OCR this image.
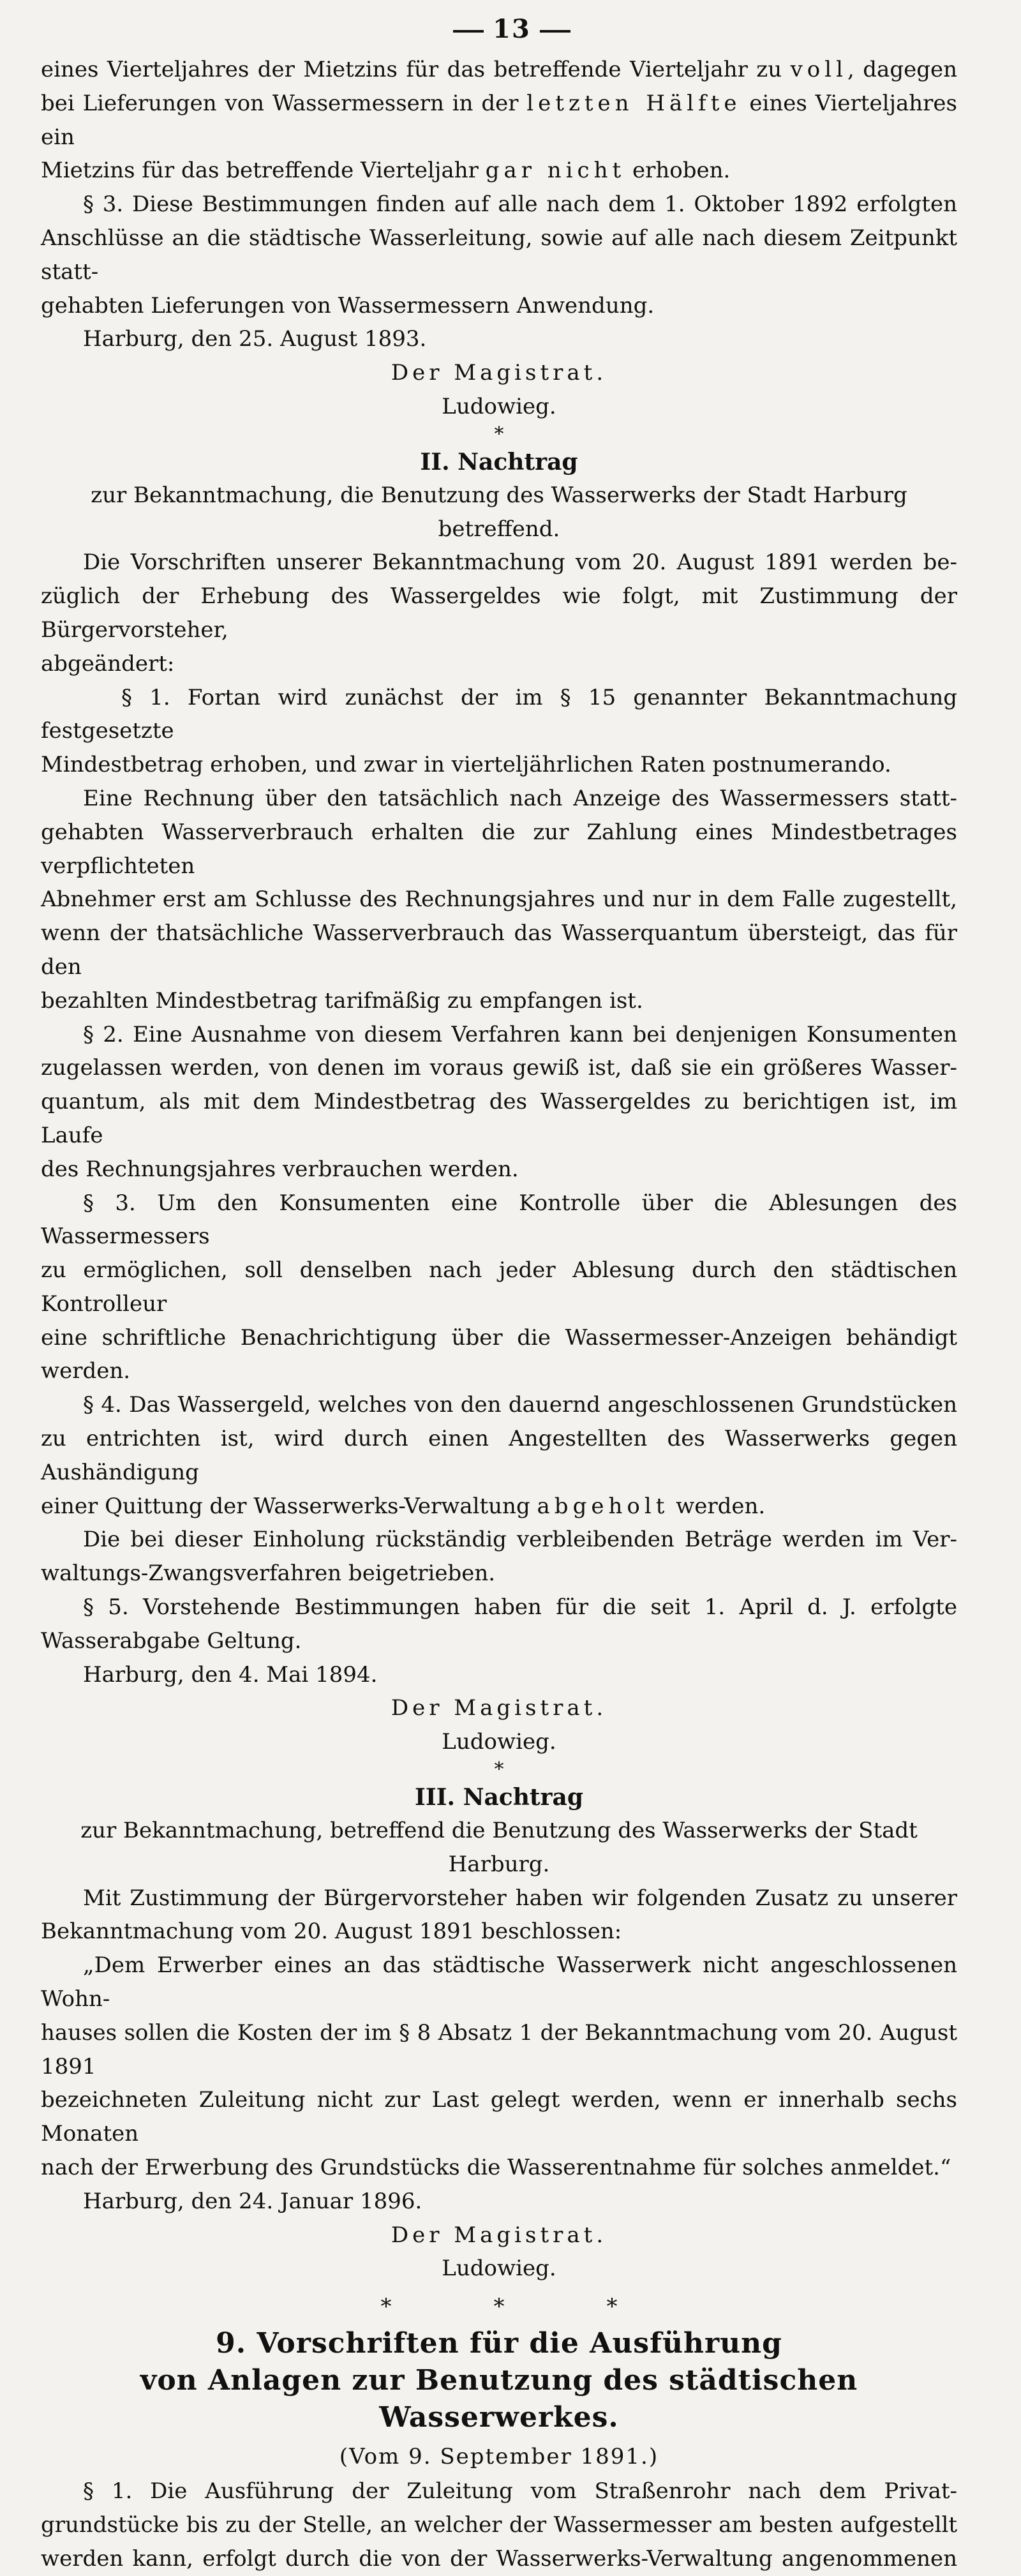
13

eines Vierteljahres der Mietzins für das betreffende Vierteljahr zu voll, dagegen

bei Lieferungen von Wassermessern in der letzten Hälfte eines Vierteljahres ein

Mietzins für das betreffende Vierteljahr gar nicht erhoben.

§ 3. Diese Bestimmungen finden auf alle nach dem 1. Oktober 1892 erfolgten

Anschlüsse an die städtische Wasserleitung, sowie auf alle nach diesem Zeitpunkt statt-

gehabten Lieferungen von Wassermessern Anwendung.

Harburg, den 25. August 1893.

Der Magistrat.
Ludowieg.
*
II. Nachtrag
zur Bekanntmachung, die Benutzung des Wasserwerks der Stadt Harburg betreffend.

Die Vorschriften unserer Bekanntmachung vom 20. August 1891 werden be-

züglich der Erhebung des Wassergeldes wie folgt, mit Zustimmung der Bürgervorsteher,

abgeändert:

§ 1. Fortan wird zunächst der im § 15 genannter Bekanntmachung festgesetzte

Mindestbetrag erhoben, und zwar in vierteljährlichen Raten postnumerando.

Eine Rechnung über den tatsächlich nach Anzeige des Wassermessers statt-

gehabten Wasserverbrauch erhalten die zur Zahlung eines Mindestbetrages verpflichteten

Abnehmer erst am Schlusse des Rechnungsjahres und nur in dem Falle zugestellt,

wenn der thatsächliche Wasserverbrauch das Wasserquantum übersteigt, das für den

bezahlten Mindestbetrag tarifmäßig zu empfangen ist.

§ 2. Eine Ausnahme von diesem Verfahren kann bei denjenigen Konsumenten

zugelassen werden, von denen im voraus gewiß ist, daß sie ein größeres Wasser-

quantum, als mit dem Mindestbetrag des Wassergeldes zu berichtigen ist, im Laufe

des Rechnungsjahres verbrauchen werden.

§ 3. Um den Konsumenten eine Kontrolle über die Ablesungen des Wassermessers

zu ermöglichen, soll denselben nach jeder Ablesung durch den städtischen Kontrolleur

eine schriftliche Benachrichtigung über die Wassermesser-Anzeigen behändigt werden.

§ 4. Das Wassergeld, welches von den dauernd angeschlossenen Grundstücken

zu entrichten ist, wird durch einen Angestellten des Wasserwerks gegen Aushändigung

einer Quittung der Wasserwerks-Verwaltung abgeholt werden.

Die bei dieser Einholung rückständig verbleibenden Beträge werden im Ver-

waltungs-Zwangsverfahren beigetrieben.

§ 5. Vorstehende Bestimmungen haben für die seit 1. April d. J. erfolgte

Wasserabgabe Geltung.

Harburg, den 4. Mai 1894.

Der Magistrat.
Ludowieg.
*
III. Nachtrag
zur Bekanntmachung, betreffend die Benutzung des Wasserwerks der Stadt Harburg.

Mit Zustimmung der Bürgervorsteher haben wir folgenden Zusatz zu unserer

Bekanntmachung vom 20. August 1891 beschlossen:

„Dem Erwerber eines an das städtische Wasserwerk nicht angeschlossenen Wohn-

hauses sollen die Kosten der im § 8 Absatz 1 der Bekanntmachung vom 20. August 1891

bezeichneten Zuleitung nicht zur Last gelegt werden, wenn er innerhalb sechs Monaten

nach der Erwerbung des Grundstücks die Wasserentnahme für solches anmeldet.“

Harburg, den 24. Januar 1896.

Der Magistrat.
Ludowieg.
*	*	*
9. Vorschriften für die Ausführung
von Anlagen zur Benutzung des städtischen Wasserwerkes.
(Vom 9. September 1891.)

§ 1. Die Ausführung der Zuleitung vom Straßenrohr nach dem Privat-

grundstücke bis zu der Stelle, an welcher der Wassermesser am besten aufgestellt

werden kann, erfolgt durch die von der Wasserwerks-Verwaltung angenommenen
